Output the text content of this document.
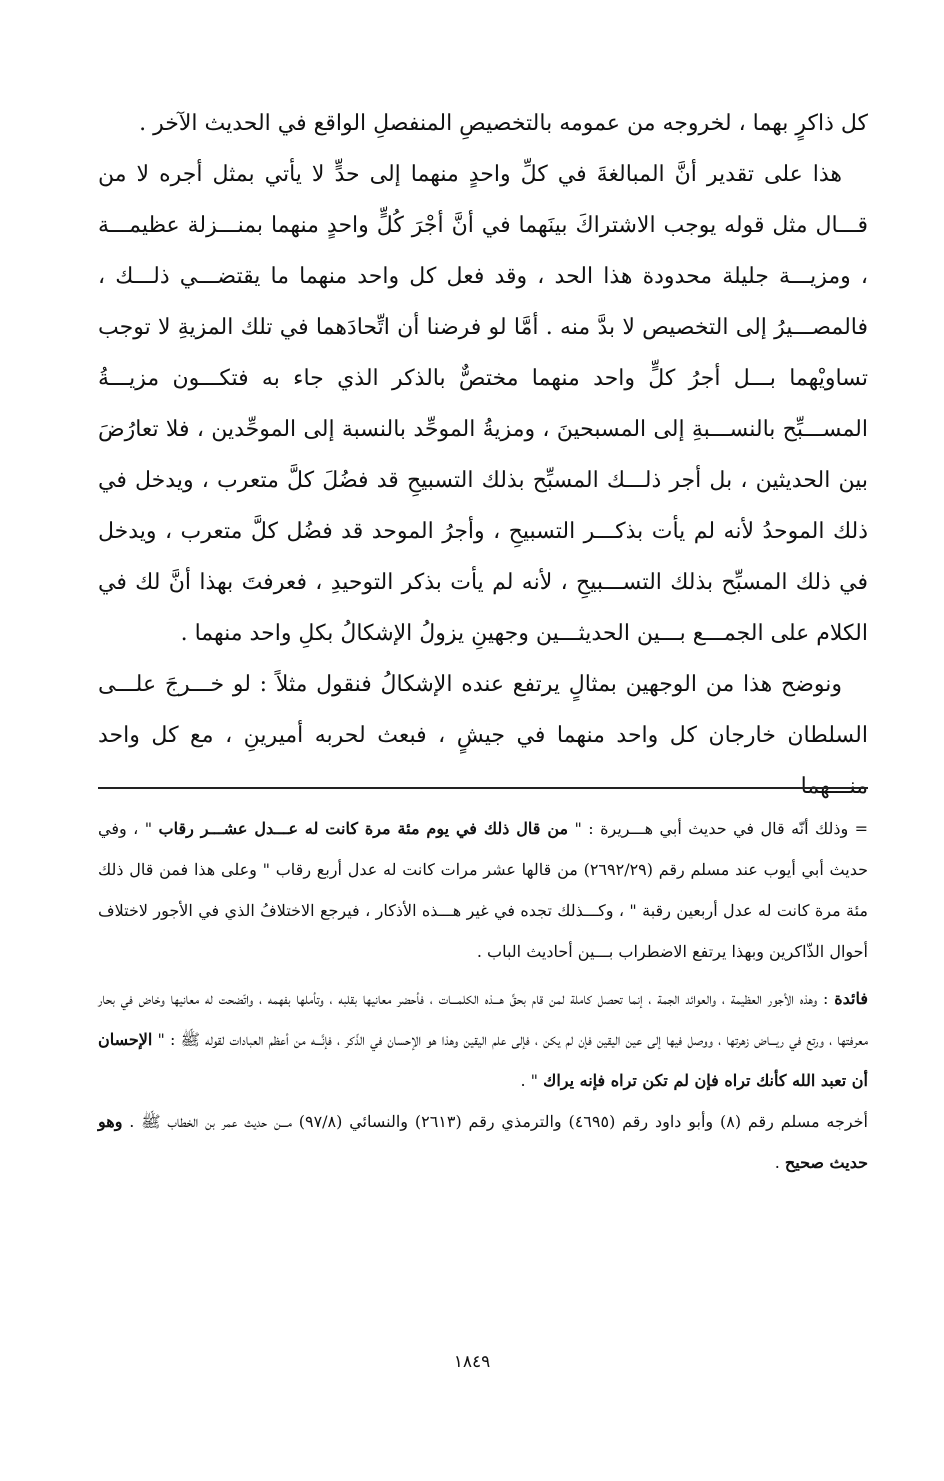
كل ذاكرٍ بهما ، لخروجه من عمومه بالتخصيصِ المنفصلِ الواقع في الحديث الآخر .

هذا على تقدير أنَّ المبالغةَ في كلِّ واحدٍ منهما إلى حدٍّ لا يأتي بمثل أجره لا من قـــال مثل قوله يوجب الاشتراكَ بينَهما في أنَّ أجْرَ كُلٍّ واحدٍ منهما بمنـــزلة عظيمـــة ، ومزيـــة جليلة محدودة هذا الحد ، وقد فعل كل واحد منهما ما يقتضـــي ذلـــك ، فالمصـــيرُ إلى التخصيص لا بدَّ منه . أمَّا لو فرضنا أن اتِّحادَهما في تلك المزيةِ لا توجب تساويْهما بـــل أجرُ كلٍّ واحد منهما مختصٌّ بالذكر الذي جاء به فتكـــون مزيـــةُ المســـبِّح بالنســـبةِ إلى المسبحينَ ، ومزيةُ الموحِّد بالنسبة إلى الموحِّدين ، فلا تعارُضَ بين الحديثين ، بل أجر ذلـــك المسبِّح بذلك التسبيحِ قد فضُلَ كلَّ متعرب ، ويدخل في ذلك الموحدُ لأنه لم يأت بذكـــر التسبيحِ ، وأجرُ الموحد قد فضُل كلَّ متعرب ، ويدخل في ذلك المسبِّح بذلك التســـبيحِ ، لأنه لم يأت بذكر التوحيدِ ، فعرفتَ بهذا أنَّ لك في الكلام على الجمـــع بـــين الحديثـــين وجهينِ يزولُ الإشكالُ بكلِ واحد منهما .

ونوضح هذا من الوجهين بمثالٍ يرتفع عنده الإشكالُ فنقول مثلاً : لو خـــرجَ علـــى السلطان خارجان كل واحد منهما في جيشٍ ، فبعث لحربه أميرينِ ، مع كل واحد منـــهما

= وذلك أنّه قال في حديث أبي هـــريرة : " من قال ذلك في يوم مئة مرة كانت له عـــدل عشـــر رقاب " ، وفي حديث أبي أيوب عند مسلم رقم (٢٦٩٢/٢٩) من قالها عشر مرات كانت له عدل أربع رقاب " وعلى هذا فمن قال ذلك مئة مرة كانت له عدل أربعين رقبة " ، وكـــذلك تجده في غير هـــذه الأذكار ، فيرجع الاختلافُ الذي في الأجور لاختلاف أحوال الذّاكرين وبهذا يرتفع الاضطراب بـــين أحاديث الباب .

فائدة : وهذه الأجور العظيمة ، والعوائد الجمة ، إنما تحصل كاملة لمن قام بحقِّ هـــذه الكلمـــات ، فأحضر معانيها بقلبه ، وتأملها بفهمه ، واتّضحت له معانيها وخاض في بحار معرفتها ، ورتع في ريـــاض زهرتها ، ووصل فيها إلى عين اليقين فإن لم يكن ، فإلى علم اليقين وهذا هو الإحسان في الذّكر ، فإنَّـــه من أعظم العبادات لقوله ﷺ : " الإحسان أن تعبد الله كأنك تراه فإن لم تكن تراه فإنه يراك " .

أخرجه مسلم رقم (٨) وأبو داود رقم (٤٦٩٥) والترمذي رقم (٢٦١٣) والنسائي (٩٧/٨) مـــن حديث عمر بن الخطاب ﷺ . وهو حديث صحيح .

١٨٤٩
